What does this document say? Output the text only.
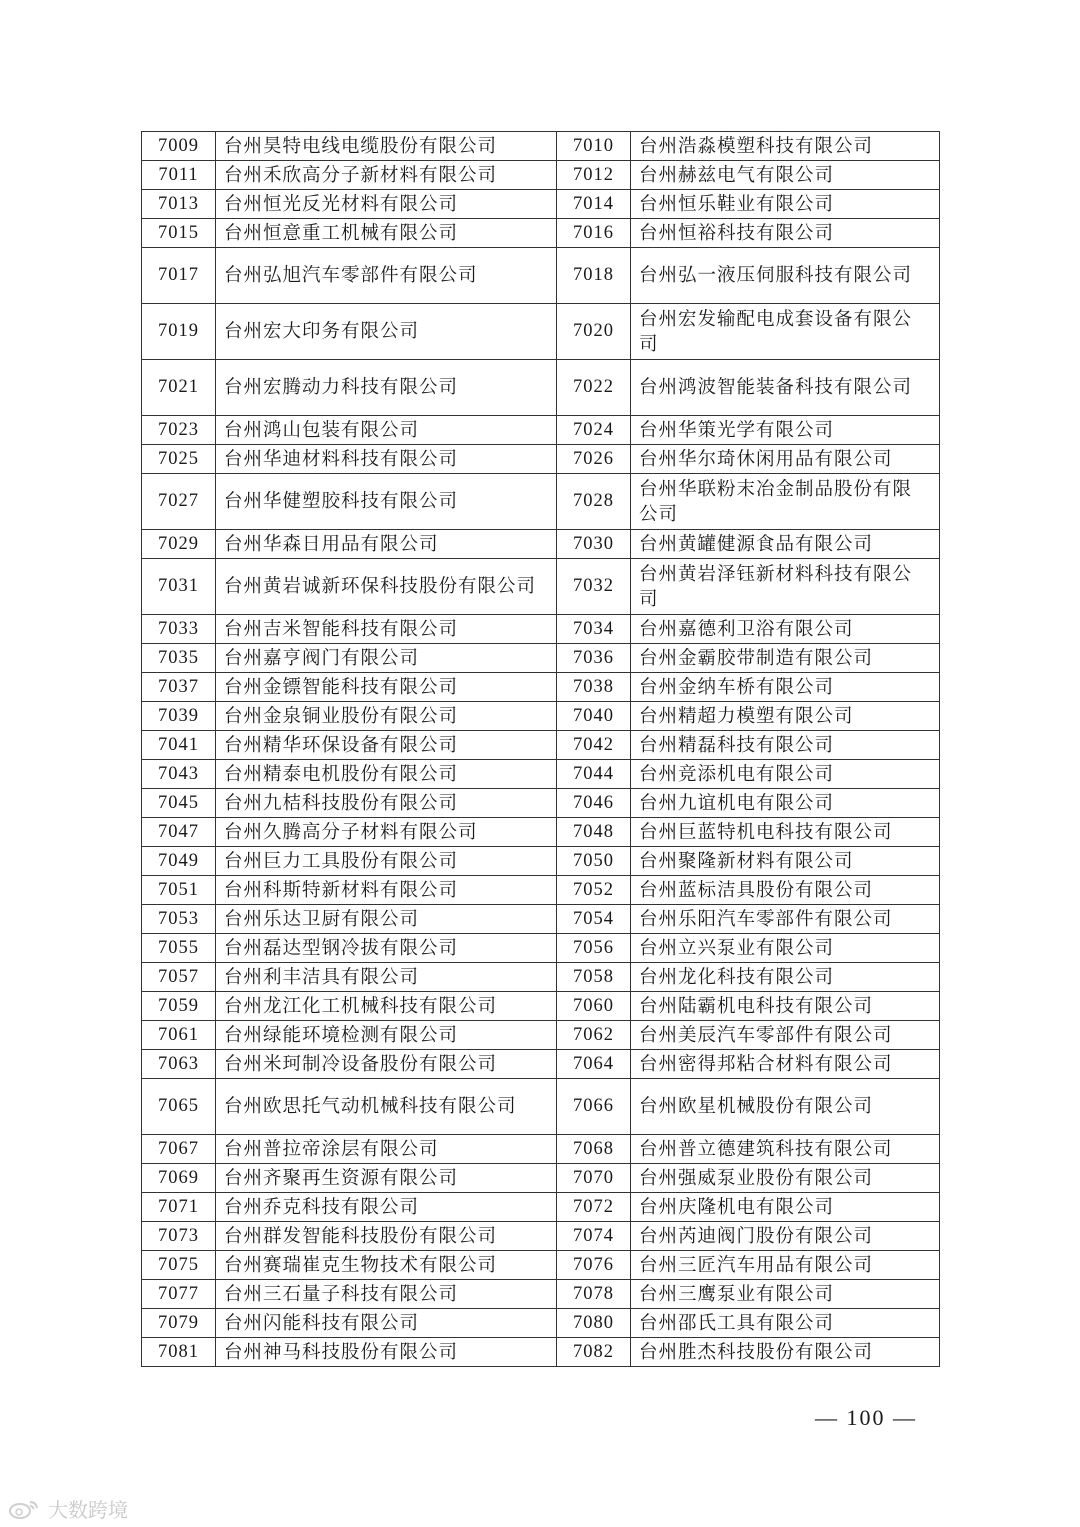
7009	台州昊特电线电缆股份有限公司	7010	台州浩淼模塑科技有限公司
7011	台州禾欣高分子新材料有限公司	7012	台州赫兹电气有限公司
7013	台州恒光反光材料有限公司	7014	台州恒乐鞋业有限公司
7015	台州恒意重工机械有限公司	7016	台州恒裕科技有限公司
7017	台州弘旭汽车零部件有限公司	7018	台州弘一液压伺服科技有限公司
7019	台州宏大印务有限公司	7020	台州宏发输配电成套设备有限公司
7021	台州宏腾动力科技有限公司	7022	台州鸿波智能装备科技有限公司
7023	台州鸿山包装有限公司	7024	台州华策光学有限公司
7025	台州华迪材料科技有限公司	7026	台州华尔琦休闲用品有限公司
7027	台州华健塑胶科技有限公司	7028	台州华联粉末冶金制品股份有限公司
7029	台州华森日用品有限公司	7030	台州黄罐健源食品有限公司
7031	台州黄岩诚新环保科技股份有限公司	7032	台州黄岩泽钰新材料科技有限公司
7033	台州吉米智能科技有限公司	7034	台州嘉德利卫浴有限公司
7035	台州嘉亨阀门有限公司	7036	台州金霸胶带制造有限公司
7037	台州金镖智能科技有限公司	7038	台州金纳车桥有限公司
7039	台州金泉铜业股份有限公司	7040	台州精超力模塑有限公司
7041	台州精华环保设备有限公司	7042	台州精磊科技有限公司
7043	台州精泰电机股份有限公司	7044	台州竞添机电有限公司
7045	台州九桔科技股份有限公司	7046	台州九谊机电有限公司
7047	台州久腾高分子材料有限公司	7048	台州巨蓝特机电科技有限公司
7049	台州巨力工具股份有限公司	7050	台州聚隆新材料有限公司
7051	台州科斯特新材料有限公司	7052	台州蓝标洁具股份有限公司
7053	台州乐达卫厨有限公司	7054	台州乐阳汽车零部件有限公司
7055	台州磊达型钢冷拔有限公司	7056	台州立兴泵业有限公司
7057	台州利丰洁具有限公司	7058	台州龙化科技有限公司
7059	台州龙江化工机械科技有限公司	7060	台州陆霸机电科技有限公司
7061	台州绿能环境检测有限公司	7062	台州美辰汽车零部件有限公司
7063	台州米珂制冷设备股份有限公司	7064	台州密得邦粘合材料有限公司
7065	台州欧思托气动机械科技有限公司	7066	台州欧星机械股份有限公司
7067	台州普拉帝涂层有限公司	7068	台州普立德建筑科技有限公司
7069	台州齐聚再生资源有限公司	7070	台州强威泵业股份有限公司
7071	台州乔克科技有限公司	7072	台州庆隆机电有限公司
7073	台州群发智能科技股份有限公司	7074	台州芮迪阀门股份有限公司
7075	台州赛瑞崔克生物技术有限公司	7076	台州三匠汽车用品有限公司
7077	台州三石量子科技有限公司	7078	台州三鹰泵业有限公司
7079	台州闪能科技有限公司	7080	台州邵氏工具有限公司
7081	台州神马科技股份有限公司	7082	台州胜杰科技股份有限公司
— 100 —
大数跨境
